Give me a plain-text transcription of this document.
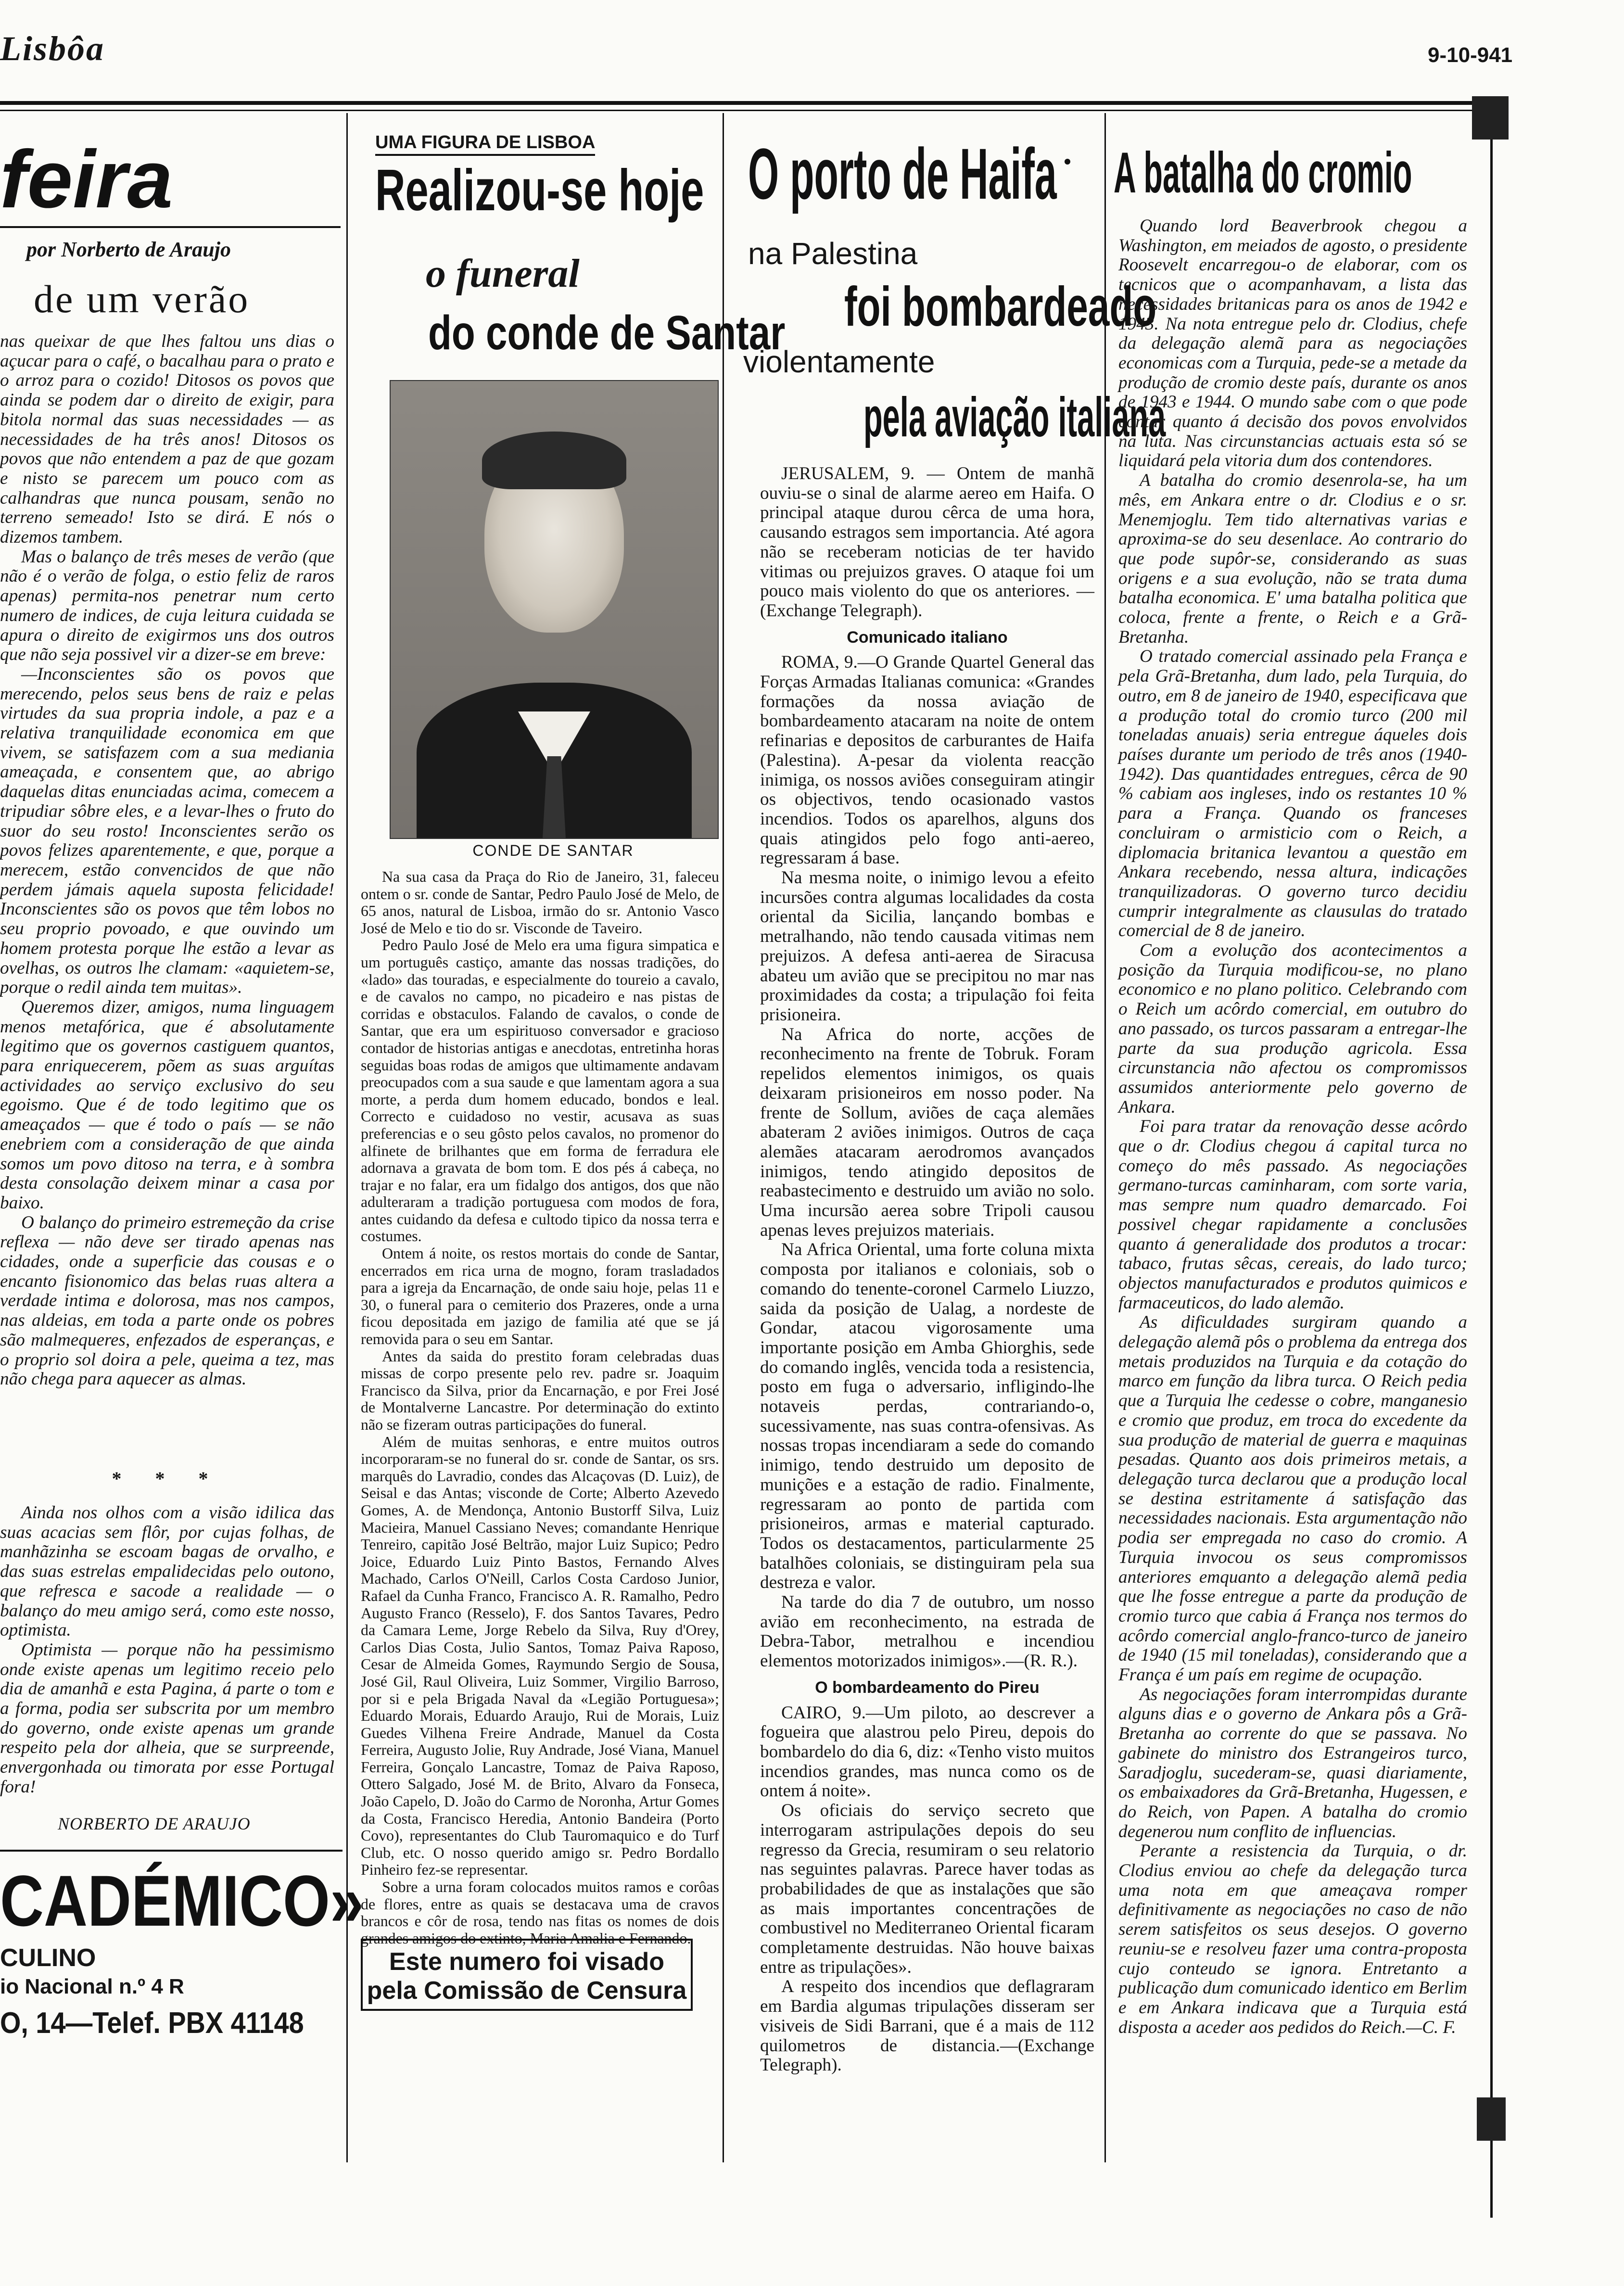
Lisbôa	9-10-941
feira
por Norberto de Araujo
de um verão

nas queixar de que lhes faltou uns dias o açucar para o café, o bacalhau para o prato e o arroz para o cozido! Ditosos os povos que ainda se podem dar o direito de exigir, para bitola normal das suas necessidades — as necessidades de ha três anos! Ditosos os povos que não entendem a paz de que gozam e nisto se parecem um pouco com as calhandras que nunca pousam, senão no terreno semeado! Isto se dirá. E nós o dizemos tambem.

Mas o balanço de três meses de verão (que não é o verão de folga, o estio feliz de raros apenas) permita-nos penetrar num certo numero de indices, de cuja leitura cuidada se apura o direito de exigirmos uns dos outros que não seja possivel vir a dizer-se em breve:

—Inconscientes são os povos que merecendo, pelos seus bens de raiz e pelas virtudes da sua propria indole, a paz e a relativa tranquilidade economica em que vivem, se satisfazem com a sua mediania ameaçada, e consentem que, ao abrigo daquelas ditas enunciadas acima, comecem a tripudiar sôbre eles, e a levar-lhes o fruto do suor do seu rosto! Inconscientes serão os povos felizes aparentemente, e que, porque a merecem, estão convencidos de que não perdem jámais aquela suposta felicidade! Inconscientes são os povos que têm lobos no seu proprio povoado, e que ouvindo um homem protesta porque lhe estão a levar as ovelhas, os outros lhe clamam: «aquietem-se, porque o redil ainda tem muitas».

Queremos dizer, amigos, numa linguagem menos metafórica, que é absolutamente legitimo que os governos castiguem quantos, para enriquecerem, põem as suas arguítas actividades ao serviço exclusivo do seu egoismo. Que é de todo legitimo que os ameaçados — que é todo o país — se não enebriem com a consideração de que ainda somos um povo ditoso na terra, e à sombra desta consolação deixem minar a casa por baixo.

O balanço do primeiro estremeção da crise reflexa — não deve ser tirado apenas nas cidades, onde a superficie das cousas e o encanto fisionomico das belas ruas altera a verdade intima e dolorosa, mas nos campos, nas aldeias, em toda a parte onde os pobres são malmequeres, enfezados de esperanças, e o proprio sol doira a pele, queima a tez, mas não chega para aquecer as almas.

* * *

Ainda nos olhos com a visão idilica das suas acacias sem flôr, por cujas folhas, de manhãzinha se escoam bagas de orvalho, e das suas estrelas empalidecidas pelo outono, que refresca e sacode a realidade — o balanço do meu amigo será, como este nosso, optimista.

Optimista — porque não ha pessimismo onde existe apenas um legitimo receio pelo dia de amanhã e esta Pagina, á parte o tom e a forma, podia ser subscrita por um membro do governo, onde existe apenas um grande respeito pela dor alheia, que se surpreende, envergonhada ou timorata por esse Portugal fora!

NORBERTO DE ARAUJO
CADÉMICO»
CULINO
io Nacional n.º 4 R
O, 14—Telef. PBX 41148
UMA FIGURA DE LISBOA
Realizou-se hoje
o funeral
do conde de Santar
CONDE DE SANTAR

Na sua casa da Praça do Rio de Janeiro, 31, faleceu ontem o sr. conde de Santar, Pedro Paulo José de Melo, de 65 anos, natural de Lisboa, irmão do sr. Antonio Vasco José de Melo e tio do sr. Visconde de Taveiro.

Pedro Paulo José de Melo era uma figura simpatica e um português castiço, amante das nossas tradições, do «lado» das touradas, e especialmente do toureio a cavalo, e de cavalos no campo, no picadeiro e nas pistas de corridas e obstaculos. Falando de cavalos, o conde de Santar, que era um espirituoso conversador e gracioso contador de historias antigas e anecdotas, entretinha horas seguidas boas rodas de amigos que ultimamente andavam preocupados com a sua saude e que lamentam agora a sua morte, a perda dum homem educado, bondos e leal. Correcto e cuidadoso no vestir, acusava as suas preferencias e o seu gôsto pelos cavalos, no promenor do alfinete de brilhantes que em forma de ferradura ele adornava a gravata de bom tom. E dos pés á cabeça, no trajar e no falar, era um fidalgo dos antigos, dos que não adulteraram a tradição portuguesa com modos de fora, antes cuidando da defesa e cultodo tipico da nossa terra e costumes.

Ontem á noite, os restos mortais do conde de Santar, encerrados em rica urna de mogno, foram trasladados para a igreja da Encarnação, de onde saiu hoje, pelas 11 e 30, o funeral para o cemiterio dos Prazeres, onde a urna ficou depositada em jazigo de familia até que se já removida para o seu em Santar.

Antes da saida do prestito foram celebradas duas missas de corpo presente pelo rev. padre sr. Joaquim Francisco da Silva, prior da Encarnação, e por Frei José de Montalverne Lancastre. Por determinação do extinto não se fizeram outras participações do funeral.

Além de muitas senhoras, e entre muitos outros incorporaram-se no funeral do sr. conde de Santar, os srs. marquês do Lavradio, condes das Alcaçovas (D. Luiz), de Seisal e das Antas; visconde de Corte; Alberto Azevedo Gomes, A. de Mendonça, Antonio Bustorff Silva, Luiz Macieira, Manuel Cassiano Neves; comandante Henrique Tenreiro, capitão José Beltrão, major Luiz Supico; Pedro Joice, Eduardo Luiz Pinto Bastos, Fernando Alves Machado, Carlos O'Neill, Carlos Costa Cardoso Junior, Rafael da Cunha Franco, Francisco A. R. Ramalho, Pedro Augusto Franco (Resselo), F. dos Santos Tavares, Pedro da Camara Leme, Jorge Rebelo da Silva, Ruy d'Orey, Carlos Dias Costa, Julio Santos, Tomaz Paiva Raposo, Cesar de Almeida Gomes, Raymundo Sergio de Sousa, José Gil, Raul Oliveira, Luiz Sommer, Virgilio Barroso, por si e pela Brigada Naval da «Legião Portuguesa»; Eduardo Morais, Eduardo Araujo, Rui de Morais, Luiz Guedes Vilhena Freire Andrade, Manuel da Costa Ferreira, Augusto Jolie, Ruy Andrade, José Viana, Manuel Ferreira, Gonçalo Lancastre, Tomaz de Paiva Raposo, Ottero Salgado, José M. de Brito, Alvaro da Fonseca, João Capelo, D. João do Carmo de Noronha, Artur Gomes da Costa, Francisco Heredia, Antonio Bandeira (Porto Covo), representantes do Club Tauromaquico e do Turf Club, etc. O nosso querido amigo sr. Pedro Bordallo Pinheiro fez-se representar.

Sobre a urna foram colocados muitos ramos e corôas de flores, entre as quais se destacava uma de cravos brancos e côr de rosa, tendo nas fitas os nomes de dois grandes amigos do extinto, Maria Amalia e Fernando.

Este numero foi visado
pela Comissão de Censura
O porto de Haifa
na Palestina
foi bombardeado
violentamente
pela aviação italiana

JERUSALEM, 9. — Ontem de manhã ouviu-se o sinal de alarme aereo em Haifa. O principal ataque durou cêrca de uma hora, causando estragos sem importancia. Até agora não se receberam noticias de ter havido vitimas ou prejuizos graves. O ataque foi um pouco mais violento do que os anteriores. —(Exchange Telegraph).

Comunicado italiano

ROMA, 9.—O Grande Quartel General das Forças Armadas Italianas comunica: «Grandes formações da nossa aviação de bombardeamento atacaram na noite de ontem refinarias e depositos de carburantes de Haifa (Palestina). A-pesar da violenta reacção inimiga, os nossos aviões conseguiram atingir os objectivos, tendo ocasionado vastos incendios. Todos os aparelhos, alguns dos quais atingidos pelo fogo anti-aereo, regressaram á base.

Na mesma noite, o inimigo levou a efeito incursões contra algumas localidades da costa oriental da Sicilia, lançando bombas e metralhando, não tendo causada vitimas nem prejuizos. A defesa anti-aerea de Siracusa abateu um avião que se precipitou no mar nas proximidades da costa; a tripulação foi feita prisioneira.

Na Africa do norte, acções de reconhecimento na frente de Tobruk. Foram repelidos elementos inimigos, os quais deixaram prisioneiros em nosso poder. Na frente de Sollum, aviões de caça alemães abateram 2 aviões inimigos. Outros de caça alemães atacaram aerodromos avançados inimigos, tendo atingido depositos de reabastecimento e destruido um avião no solo. Uma incursão aerea sobre Tripoli causou apenas leves prejuizos materiais.

Na Africa Oriental, uma forte coluna mixta composta por italianos e coloniais, sob o comando do tenente-coronel Carmelo Liuzzo, saida da posição de Ualag, a nordeste de Gondar, atacou vigorosamente uma importante posição em Amba Ghiorghis, sede do comando inglês, vencida toda a resistencia, posto em fuga o adversario, infligindo-lhe notaveis perdas, contrariando-o, sucessivamente, nas suas contra-ofensivas. As nossas tropas incendiaram a sede do comando inimigo, tendo destruido um deposito de munições e a estação de radio. Finalmente, regressaram ao ponto de partida com prisioneiros, armas e material capturado. Todos os destacamentos, particularmente 25 batalhões coloniais, se distinguiram pela sua destreza e valor.

Na tarde do dia 7 de outubro, um nosso avião em reconhecimento, na estrada de Debra-Tabor, metralhou e incendiou elementos motorizados inimigos».—(R. R.).

O bombardeamento do Pireu

CAIRO, 9.—Um piloto, ao descrever a fogueira que alastrou pelo Pireu, depois do bombardelo do dia 6, diz: «Tenho visto muitos incendios grandes, mas nunca como os de ontem á noite».

Os oficiais do serviço secreto que interrogaram astripulações depois do seu regresso da Grecia, resumiram o seu relatorio nas seguintes palavras. Parece haver todas as probabilidades de que as instalações que são as mais importantes concentrações de combustivel no Mediterraneo Oriental ficaram completamente destruidas. Não houve baixas entre as tripulações».

A respeito dos incendios que deflagraram em Bardia algumas tripulações disseram ser visiveis de Sidi Barrani, que é a mais de 112 quilometros de distancia.—(Exchange Telegraph).

A batalha do cromio

Quando lord Beaverbrook chegou a Washington, em meiados de agosto, o presidente Roosevelt encarregou-o de elaborar, com os tecnicos que o acompanhavam, a lista das necessidades britanicas para os anos de 1942 e 1943. Na nota entregue pelo dr. Clodius, chefe da delegação alemã para as negociações economicas com a Turquia, pede-se a metade da produção de cromio deste país, durante os anos de 1943 e 1944. O mundo sabe com o que pode contar quanto á decisão dos povos envolvidos na luta. Nas circunstancias actuais esta só se liquidará pela vitoria dum dos contendores.

A batalha do cromio desenrola-se, ha um mês, em Ankara entre o dr. Clodius e o sr. Menemjoglu. Tem tido alternativas varias e aproxima-se do seu desenlace. Ao contrario do que pode supôr-se, considerando as suas origens e a sua evolução, não se trata duma batalha economica. E' uma batalha politica que coloca, frente a frente, o Reich e a Grã-Bretanha.

O tratado comercial assinado pela França e pela Grã-Bretanha, dum lado, pela Turquia, do outro, em 8 de janeiro de 1940, especificava que a produção total do cromio turco (200 mil toneladas anuais) seria entregue áqueles dois países durante um periodo de três anos (1940-1942). Das quantidades entregues, cêrca de 90 % cabiam aos ingleses, indo os restantes 10 % para a França. Quando os franceses concluiram o armisticio com o Reich, a diplomacia britanica levantou a questão em Ankara recebendo, nessa altura, indicações tranquilizadoras. O governo turco decidiu cumprir integralmente as clausulas do tratado comercial de 8 de janeiro.

Com a evolução dos acontecimentos a posição da Turquia modificou-se, no plano economico e no plano politico. Celebrando com o Reich um acôrdo comercial, em outubro do ano passado, os turcos passaram a entregar-lhe parte da sua produção agricola. Essa circunstancia não afectou os compromissos assumidos anteriormente pelo governo de Ankara.

Foi para tratar da renovação desse acôrdo que o dr. Clodius chegou á capital turca no começo do mês passado. As negociações germano-turcas caminharam, com sorte varia, mas sempre num quadro demarcado. Foi possivel chegar rapidamente a conclusões quanto á generalidade dos produtos a trocar: tabaco, frutas sêcas, cereais, do lado turco; objectos manufacturados e produtos quimicos e farmaceuticos, do lado alemão.

As dificuldades surgiram quando a delegação alemã pôs o problema da entrega dos metais produzidos na Turquia e da cotação do marco em função da libra turca. O Reich pedia que a Turquia lhe cedesse o cobre, manganesio e cromio que produz, em troca do excedente da sua produção de material de guerra e maquinas pesadas. Quanto aos dois primeiros metais, a delegação turca declarou que a produção local se destina estritamente á satisfação das necessidades nacionais. Esta argumentação não podia ser empregada no caso do cromio. A Turquia invocou os seus compromissos anteriores emquanto a delegação alemã pedia que lhe fosse entregue a parte da produção de cromio turco que cabia á França nos termos do acôrdo comercial anglo-franco-turco de janeiro de 1940 (15 mil toneladas), considerando que a França é um país em regime de ocupação.

As negociações foram interrompidas durante alguns dias e o governo de Ankara pôs a Grã-Bretanha ao corrente do que se passava. No gabinete do ministro dos Estrangeiros turco, Saradjoglu, sucederam-se, quasi diariamente, os embaixadores da Grã-Bretanha, Hugessen, e do Reich, von Papen. A batalha do cromio degenerou num conflito de influencias.

Perante a resistencia da Turquia, o dr. Clodius enviou ao chefe da delegação turca uma nota em que ameaçava romper definitivamente as negociações no caso de não serem satisfeitos os seus desejos. O governo reuniu-se e resolveu fazer uma contra-proposta cujo conteudo se ignora. Entretanto a publicação dum comunicado identico em Berlim e em Ankara indicava que a Turquia está disposta a aceder aos pedidos do Reich.—C. F.
